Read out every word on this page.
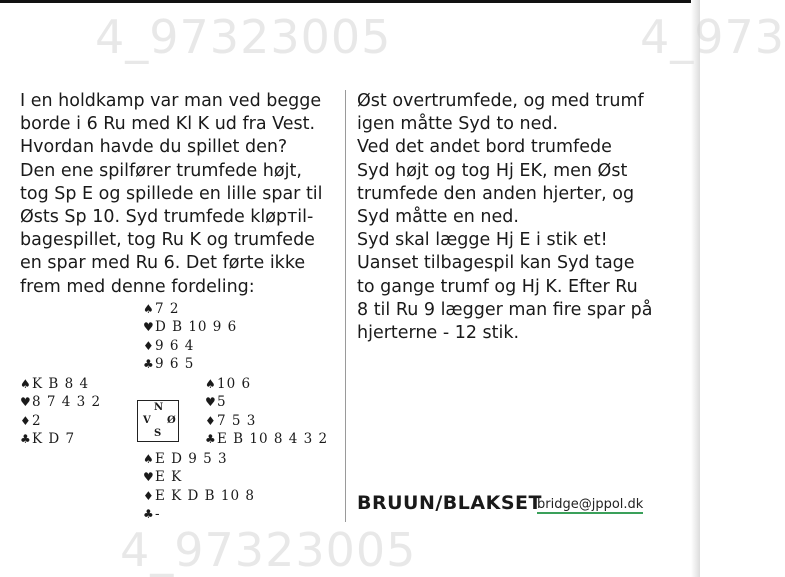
4_97323005
4_97323005
4_973
I en holdkamp var man ved begge
borde i 6 Ru med Kl K ud fra Vest.
Hvordan havde du spillet den?
Den ene spilfører trumfede højt,
tog Sp E og spillede en lille spar til
Østs Sp 10. Syd trumfede kløртil-
bagespillet, tog Ru K og trumfede
en spar med Ru 6. Det førte ikke
frem med denne fordeling:
Øst overtrumfede, og med trumf
igen måtte Syd to ned.
Ved det andet bord trumfede
Syd højt og tog Hj EK, men Øst
trumfede den anden hjerter, og
Syd måtte en ned.
Syd skal lægge Hj E i stik et!
Uanset tilbagespil kan Syd tage
to gange trumf og Hj K. Efter Ru
8 til Ru 9 lægger man fire spar på
hjerterne - 12 stik.
♠7 2
♥D B 10 9 6
♦9 6 4
♣9 6 5
♠K B 8 4
♥8 7 4 3 2
♦2
♣K D 7
N
V Ø
S
♠10 6
♥5
♦7 5 3
♣E B 10 8 4 3 2
♠E D 9 5 3
♥E K
♦E K D B 10 8
♣-	BRUUN/BLAKSET
bridge@jppol.dk
